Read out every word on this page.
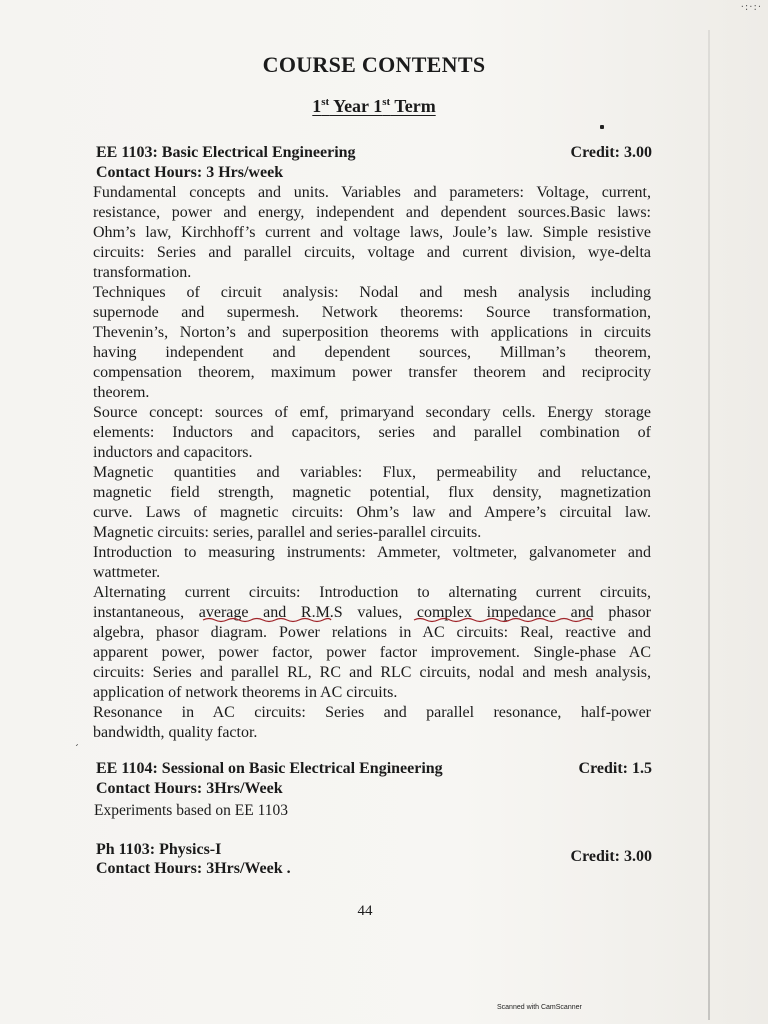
·:·:·
COURSE CONTENTS
1st Year 1st Term
EE 1103: Basic Electrical Engineering	Credit: 3.00
Contact Hours: 3 Hrs/week
Fundamental concepts and units. Variables and parameters: Voltage, current,
resistance, power and energy, independent and dependent sources.Basic laws:
Ohm’s law, Kirchhoff’s current and voltage laws, Joule’s law. Simple resistive
circuits: Series and parallel circuits, voltage and current division, wye-delta
transformation.
Techniques of circuit analysis: Nodal and mesh analysis including
supernode and supermesh. Network theorems: Source transformation,
Thevenin’s, Norton’s and superposition theorems with applications in circuits
having independent and dependent sources, Millman’s theorem,
compensation theorem, maximum power transfer theorem and reciprocity
theorem.
Source concept: sources of emf, primaryand secondary cells. Energy storage
elements: Inductors and capacitors, series and parallel combination of
inductors and capacitors.
Magnetic quantities and variables: Flux, permeability and reluctance,
magnetic field strength, magnetic potential, flux density, magnetization
curve. Laws of magnetic circuits: Ohm’s law and Ampere’s circuital law.
Magnetic circuits: series, parallel and series-parallel circuits.
Introduction to measuring instruments: Ammeter, voltmeter, galvanometer and
wattmeter.
Alternating current circuits: Introduction to alternating current circuits,
instantaneous, average and R.M.S values, complex impedance and phasor
algebra, phasor diagram. Power relations in AC circuits: Real, reactive and
apparent power, power factor, power factor improvement. Single-phase AC
circuits: Series and parallel RL, RC and RLC circuits, nodal and mesh analysis,
application of network theorems in AC circuits.
Resonance in AC circuits: Series and parallel resonance, half-power
bandwidth, quality factor.
´
EE 1104: Sessional on Basic Electrical Engineering	Credit: 1.5
Contact Hours: 3Hrs/Week
Experiments based on EE 1103
Ph 1103: Physics-I	Credit: 3.00
Contact Hours: 3Hrs/Week .
44
Scanned with CamScanner
